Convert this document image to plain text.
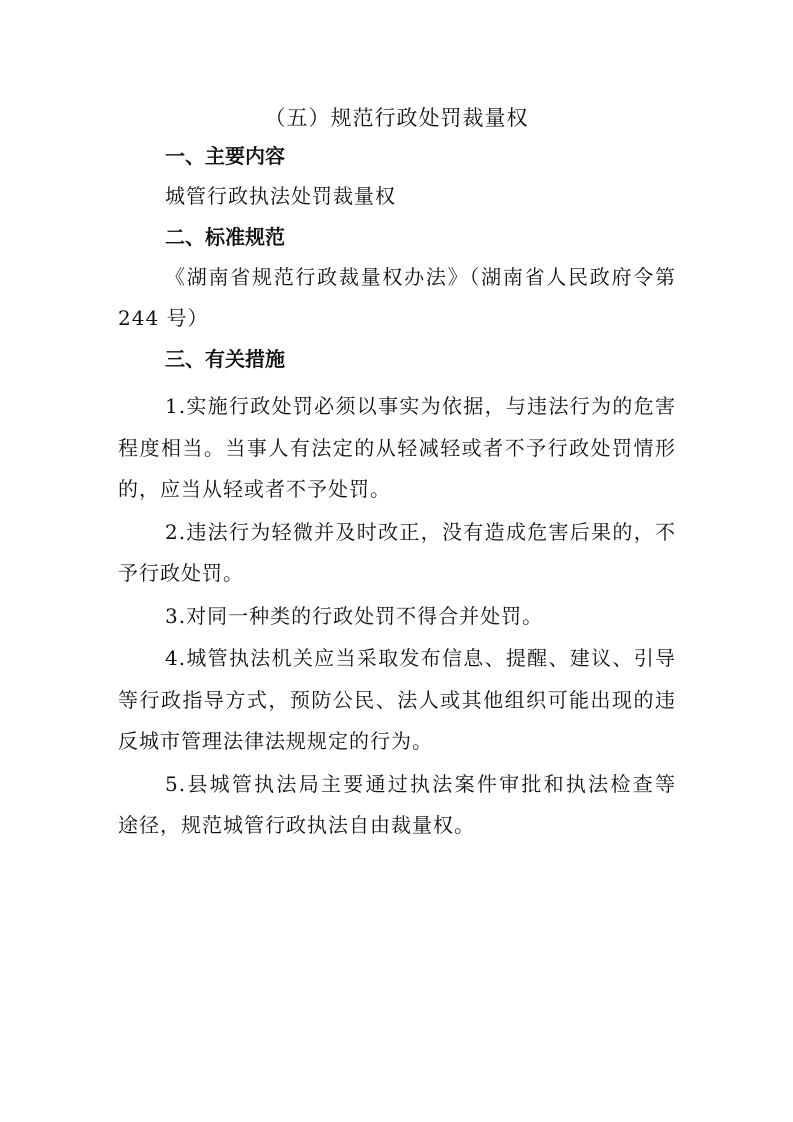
（五）规范行政处罚裁量权
一、主要内容
城管行政执法处罚裁量权
二、标准规范
《湖南省规范行政裁量权办法》（湖南省人民政府令第
244 号）
三、有关措施
1.实施行政处罚必须以事实为依据，与违法行为的危害
程度相当。当事人有法定的从轻减轻或者不予行政处罚情形
的，应当从轻或者不予处罚。
2.违法行为轻微并及时改正，没有造成危害后果的，不
予行政处罚。
3.对同一种类的行政处罚不得合并处罚。
4.城管执法机关应当采取发布信息、提醒、建议、引导
等行政指导方式，预防公民、法人或其他组织可能出现的违
反城市管理法律法规规定的行为。
5.县城管执法局主要通过执法案件审批和执法检查等
途径，规范城管行政执法自由裁量权。
